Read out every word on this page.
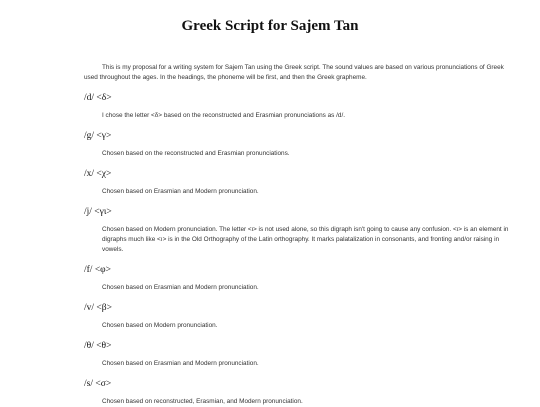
Greek Script for Sajem Tan
This is my proposal for a writing system for Sajem Tan using the Greek script. The sound values are based on various pronunciations of Greek used throughout the ages. In the headings, the phoneme will be first, and then the Greek grapheme.
/d/ <δ>
I chose the letter <δ> based on the reconstructed and Erasmian pronunciations as /d/.
/g/ <γ>
Chosen based on the reconstructed and Erasmian pronunciations.
/x/ <χ>
Chosen based on Erasmian and Modern pronunciation.
/j/ <γι>
Chosen based on Modern pronunciation. The letter <ι> is not used alone, so this digraph isn't going to cause any confusion. <ι> is an element in digraphs much like <ı> is in the Old Orthography of the Latin orthography. It marks palatalization in consonants, and fronting and/or raising in vowels.
/f/ <φ>
Chosen based on Erasmian and Modern pronunciation.
/v/ <β>
Chosen based on Modern pronunciation.
/θ/ <θ>
Chosen based on Erasmian and Modern pronunciation.
/s/ <σ>
Chosen based on reconstructed, Erasmian, and Modern pronunciation.
